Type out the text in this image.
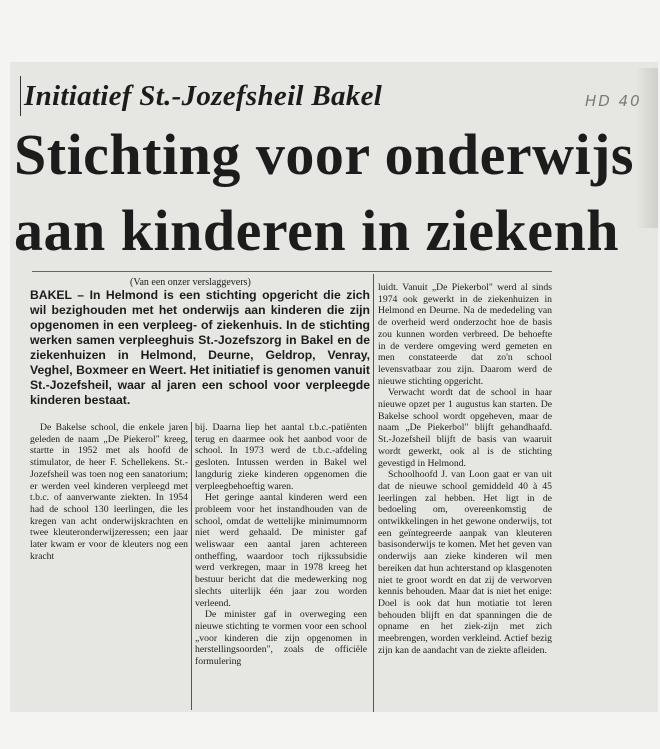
Initiatief St.-Jozefsheil Bakel	HD 40
Stichting voor onderwijs
aan kinderen in ziekenh
(Van een onzer verslaggevers)
BAKEL – In Helmond is een stichting opgericht die zich wil bezighouden met het onderwijs aan kinderen die zijn opgenomen in een verpleeg- of ziekenhuis. In de stichting werken samen verpleeghuis St.-Jozefszorg in Bakel en de ziekenhuizen in Helmond, Deurne, Geldrop, Venray, Veghel, Boxmeer en Weert. Het initiatief is genomen vanuit St.-Jozefsheil, waar al jaren een school voor verpleegde kinderen bestaat.

De Bakelse school, die enkele jaren geleden de naam „De Piekerol" kreeg, startte in 1952 met als hoofd de stimulator, de heer F. Schellekens. St.-Jozefsheil was toen nog een sanatorium; er werden veel kinderen verpleegd met t.b.c. of aanverwante ziekten. In 1954 had de school 130 leerlingen, die les kregen van acht onderwijskrachten en twee kleuteronderwijzeressen; een jaar later kwam er voor de kleuters nog een kracht

bij. Daarna liep het aantal t.b.c.-patiënten terug en daarmee ook het aanbod voor de school. In 1973 werd de t.b.c.-afdeling gesloten. Intussen werden in Bakel wel langdurig zieke kinderen opgenomen die verpleegbehoeftig waren.

Het geringe aantal kinderen werd een probleem voor het instandhouden van de school, omdat de wettelijke minimumnorm niet werd gehaald. De minister gaf weliswaar een aantal jaren achtereen ontheffing, waardoor toch rijkssubsidie werd verkregen, maar in 1978 kreeg het bestuur bericht dat die medewerking nog slechts uiterlijk één jaar zou worden verleend.

De minister gaf in overweging een nieuwe stichting te vormen voor een school „voor kinderen die zijn opgenomen in herstellingsoorden", zoals de officiële formulering

luidt. Vanuit „De Piekerbol" werd al sinds 1974 ook gewerkt in de ziekenhuizen in Helmond en Deurne. Na de mededeling van de overheid werd onderzocht hoe de basis zou kunnen worden verbreed. De behoefte in de verdere omgeving werd gemeten en men constateerde dat zo'n school levensvatbaar zou zijn. Daarom werd de nieuwe stichting opgericht.

Verwacht wordt dat de school in haar nieuwe opzet per 1 augustus kan starten. De Bakelse school wordt opgeheven, maar de naam „De Piekerbol" blijft gehandhaafd. St.-Jozefsheil blijft de basis van waaruit wordt gewerkt, ook al is de stichting gevestigd in Helmond.

Schoolhoofd J. van Loon gaat er van uit dat de nieuwe school gemiddeld 40 à 45 leerlingen zal hebben. Het ligt in de bedoeling om, overeenkomstig de ontwikkelingen in het gewone onderwijs, tot een geïntegreerde aanpak van kleuteren basisonderwijs te komen. Met het geven van onderwijs aan zieke kinderen wil men bereiken dat hun achterstand op klasgenoten niet te groot wordt en dat zij de verworven kennis behouden. Maar dat is niet het enige: Doel is ook dat hun motiatie tot leren behouden blijft en dat spanningen die de opname en het ziek-zijn met zich meebrengen, worden verkleind. Actief bezig zijn kan de aandacht van de ziekte afleiden.
